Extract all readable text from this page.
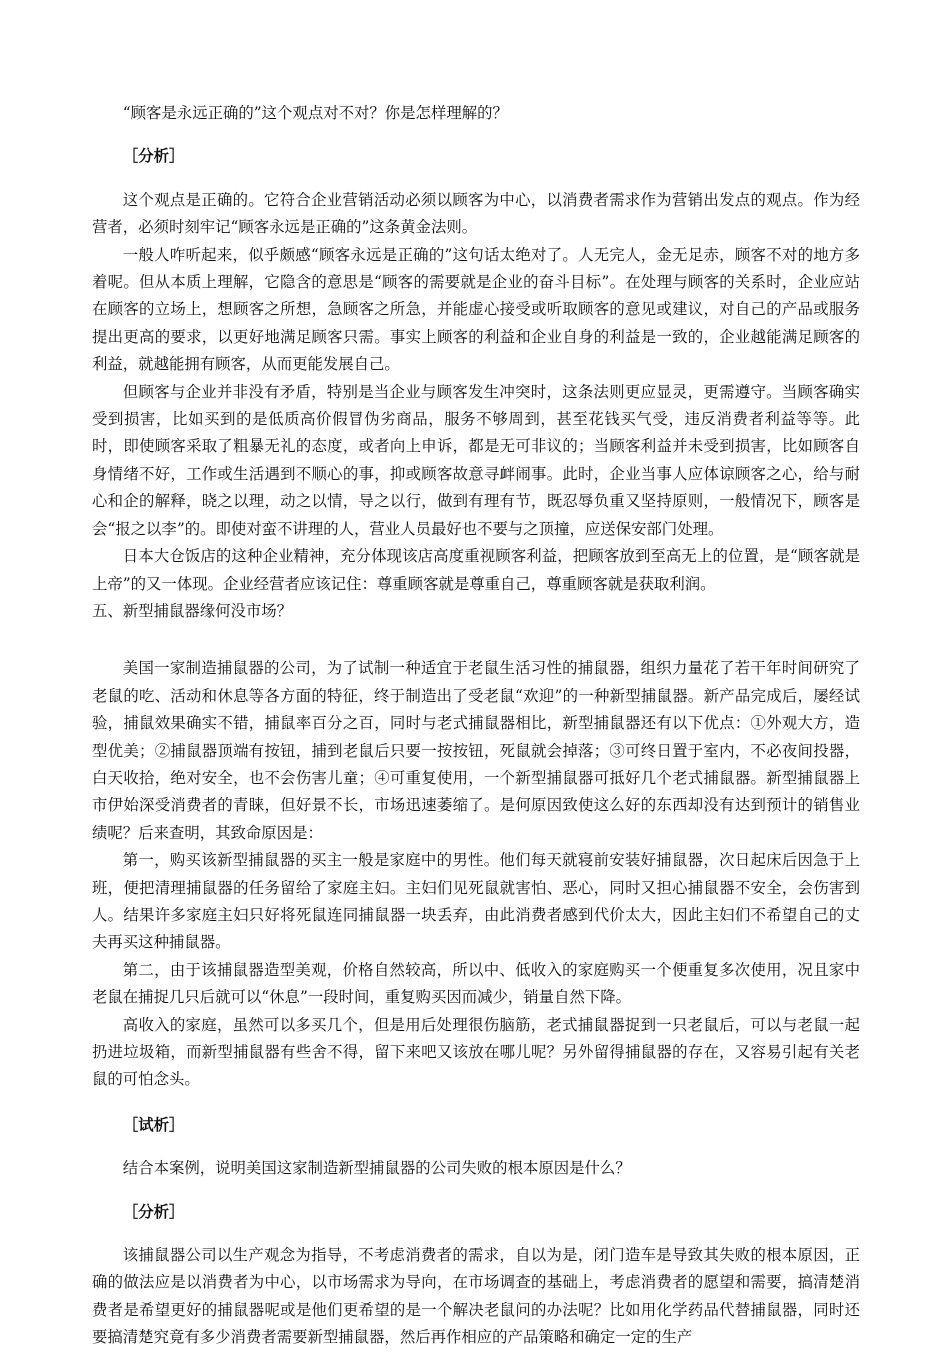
“顾客是永远正确的”这个观点对不对？你是怎样理解的？
［分析］

这个观点是正确的。它符合企业营销活动必须以顾客为中心，以消费者需求作为营销出发点的观点。作为经营者，必须时刻牢记“顾客永远是正确的”这条黄金法则。

一般人咋听起来，似乎颇感“顾客永远是正确的”这句话太绝对了。人无完人，金无足赤，顾客不对的地方多着呢。但从本质上理解，它隐含的意思是“顾客的需要就是企业的奋斗目标”。在处理与顾客的关系时，企业应站在顾客的立场上，想顾客之所想，急顾客之所急，并能虚心接受或听取顾客的意见或建议，对自己的产品或服务提出更高的要求，以更好地满足顾客只需。事实上顾客的利益和企业自身的利益是一致的，企业越能满足顾客的利益，就越能拥有顾客，从而更能发展自己。

但顾客与企业并非没有矛盾，特别是当企业与顾客发生冲突时，这条法则更应显灵，更需遵守。当顾客确实受到损害，比如买到的是低质高价假冒伪劣商品，服务不够周到，甚至花钱买气受，违反消费者利益等等。此时，即使顾客采取了粗暴无礼的态度，或者向上申诉，都是无可非议的；当顾客利益并未受到损害，比如顾客自身情绪不好，工作或生活遇到不顺心的事，抑或顾客故意寻衅闹事。此时，企业当事人应体谅顾客之心，给与耐心和企的解释，晓之以理，动之以情，导之以行，做到有理有节，既忍辱负重又坚持原则，一般情况下，顾客是会“报之以李”的。即使对蛮不讲理的人，营业人员最好也不要与之顶撞，应送保安部门处理。

日本大仓饭店的这种企业精神，充分体现该店高度重视顾客利益，把顾客放到至高无上的位置，是“顾客就是上帝”的又一体现。企业经营者应该记住：尊重顾客就是尊重自己，尊重顾客就是获取利润。

五、新型捕鼠器缘何没市场？

美国一家制造捕鼠器的公司，为了试制一种适宜于老鼠生活习性的捕鼠器，组织力量花了若干年时间研究了老鼠的吃、活动和休息等各方面的特征，终于制造出了受老鼠“欢迎”的一种新型捕鼠器。新产品完成后，屡经试验，捕鼠效果确实不错，捕鼠率百分之百，同时与老式捕鼠器相比，新型捕鼠器还有以下优点：①外观大方，造型优美；②捕鼠器顶端有按钮，捕到老鼠后只要一按按钮，死鼠就会掉落；③可终日置于室内，不必夜间投器，白天收拾，绝对安全，也不会伤害儿童；④可重复使用，一个新型捕鼠器可抵好几个老式捕鼠器。新型捕鼠器上市伊始深受消费者的青睐，但好景不长，市场迅速萎缩了。是何原因致使这么好的东西却没有达到预计的销售业绩呢？后来查明，其致命原因是：

第一，购买该新型捕鼠器的买主一般是家庭中的男性。他们每天就寝前安装好捕鼠器，次日起床后因急于上班，便把清理捕鼠器的任务留给了家庭主妇。主妇们见死鼠就害怕、恶心，同时又担心捕鼠器不安全，会伤害到人。结果许多家庭主妇只好将死鼠连同捕鼠器一块丢弃，由此消费者感到代价太大，因此主妇们不希望自己的丈夫再买这种捕鼠器。

第二，由于该捕鼠器造型美观，价格自然较高，所以中、低收入的家庭购买一个便重复多次使用，况且家中老鼠在捕捉几只后就可以“休息”一段时间，重复购买因而减少，销量自然下降。

高收入的家庭，虽然可以多买几个，但是用后处理很伤脑筋，老式捕鼠器捉到一只老鼠后，可以与老鼠一起扔进垃圾箱，而新型捕鼠器有些舍不得，留下来吧又该放在哪儿呢？另外留得捕鼠器的存在，又容易引起有关老鼠的可怕念头。

［试析］
结合本案例，说明美国这家制造新型捕鼠器的公司失败的根本原因是什么？
［分析］

该捕鼠器公司以生产观念为指导，不考虑消费者的需求，自以为是，闭门造车是导致其失败的根本原因，正确的做法应是以消费者为中心，以市场需求为导向，在市场调查的基础上，考虑消费者的愿望和需要，搞清楚消费者是希望更好的捕鼠器呢或是他们更希望的是一个解决老鼠问的办法呢？比如用化学药品代替捕鼠器，同时还要搞清楚究竟有多少消费者需要新型捕鼠器，然后再作相应的产品策略和确定一定的生产
